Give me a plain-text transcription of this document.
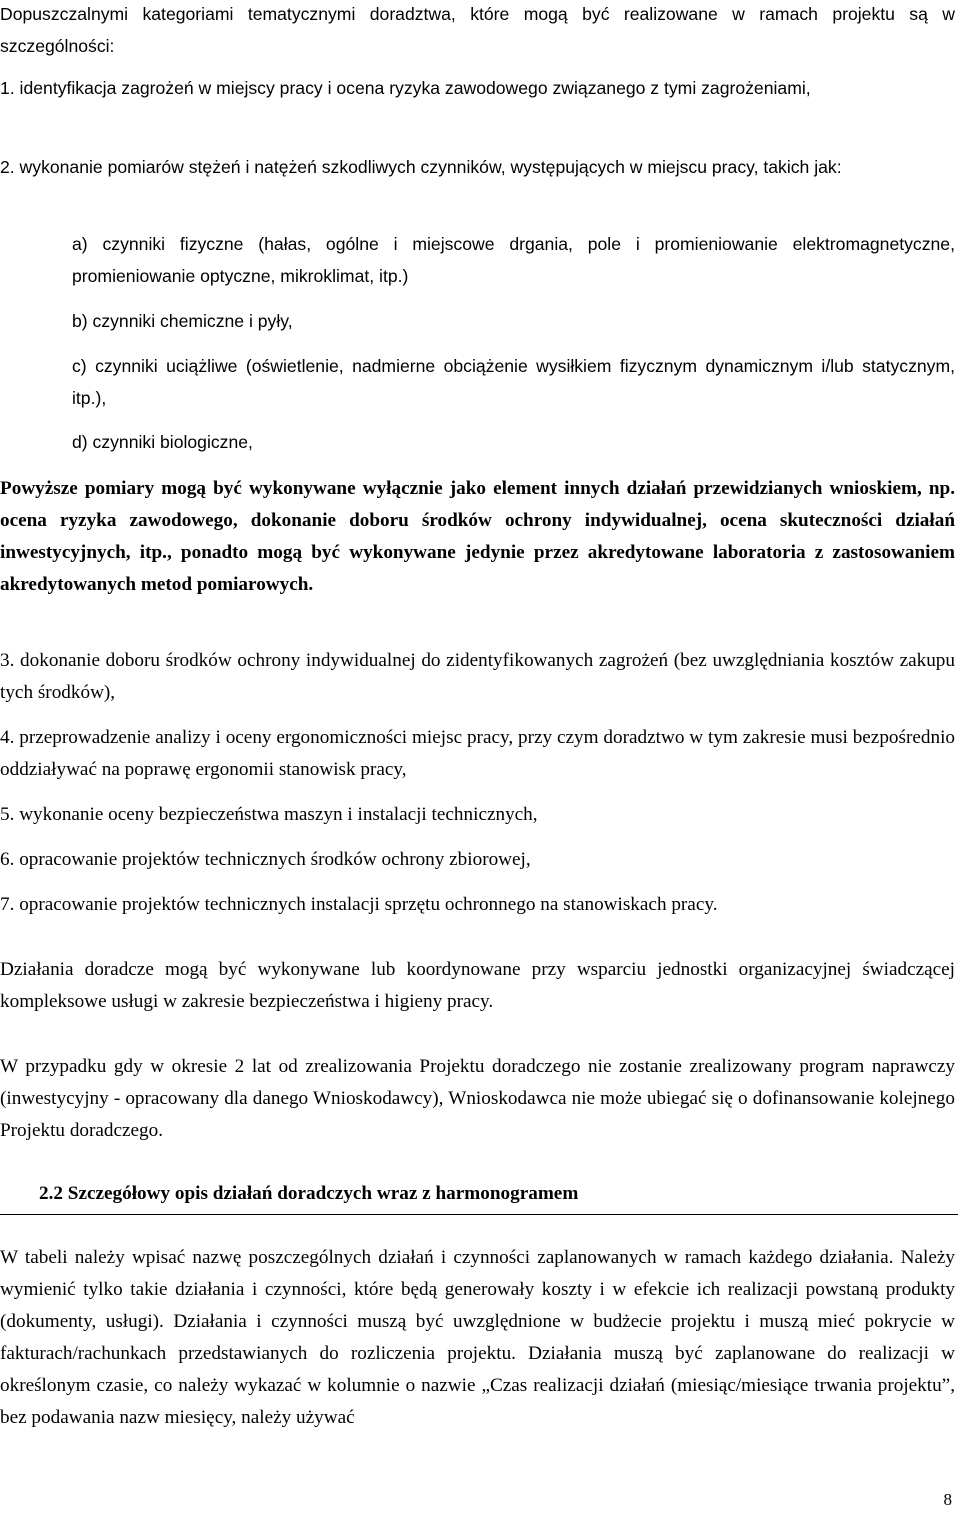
Dopuszczalnymi kategoriami tematycznymi doradztwa, które mogą być realizowane w ramach projektu są w szczególności:

1. identyfikacja zagrożeń w miejscy pracy i ocena ryzyka zawodowego związanego z tymi zagrożeniami,

2. wykonanie pomiarów stężeń i natężeń szkodliwych czynników, występujących w miejscu pracy, takich jak:

a) czynniki fizyczne (hałas, ogólne i miejscowe drgania, pole i promieniowanie elektromagnetyczne, promieniowanie optyczne, mikroklimat, itp.)

b) czynniki chemiczne i pyły,

c) czynniki uciążliwe (oświetlenie, nadmierne obciążenie wysiłkiem fizycznym dynamicznym i/lub statycznym, itp.),

d) czynniki biologiczne,

Powyższe pomiary mogą być wykonywane wyłącznie jako element innych działań przewidzianych wnioskiem, np. ocena ryzyka zawodowego, dokonanie doboru środków ochrony indywidualnej, ocena skuteczności działań inwestycyjnych, itp., ponadto mogą być wykonywane jedynie przez akredytowane laboratoria z zastosowaniem akredytowanych metod pomiarowych.

3. dokonanie doboru środków ochrony indywidualnej do zidentyfikowanych zagrożeń (bez uwzględniania kosztów zakupu tych środków),

4. przeprowadzenie analizy i oceny ergonomiczności miejsc pracy, przy czym doradztwo w tym zakresie musi bezpośrednio oddziaływać na poprawę ergonomii stanowisk pracy,

5. wykonanie oceny bezpieczeństwa maszyn i instalacji technicznych,

6. opracowanie projektów technicznych środków ochrony zbiorowej,

7. opracowanie projektów technicznych instalacji sprzętu ochronnego na stanowiskach pracy.

Działania doradcze mogą być wykonywane lub koordynowane przy wsparciu jednostki organizacyjnej świadczącej kompleksowe usługi w zakresie bezpieczeństwa i higieny pracy.

W przypadku gdy w okresie 2 lat od zrealizowania Projektu doradczego nie zostanie zrealizowany program naprawczy (inwestycyjny - opracowany dla danego Wnioskodawcy), Wnioskodawca nie może ubiegać się o dofinansowanie kolejnego Projektu doradczego.

2.2 Szczegółowy opis działań doradczych wraz z harmonogramem

W tabeli należy wpisać nazwę poszczególnych działań i czynności zaplanowanych w ramach każdego działania. Należy wymienić tylko takie działania i czynności, które będą generowały koszty i w efekcie ich realizacji powstaną produkty (dokumenty, usługi). Działania i czynności muszą być uwzględnione w budżecie projektu i muszą mieć pokrycie w fakturach/rachunkach przedstawianych do rozliczenia projektu. Działania muszą być zaplanowane do realizacji w określonym czasie, co należy wykazać w kolumnie o nazwie „Czas realizacji działań (miesiąc/miesiące trwania projektu”, bez podawania nazw miesięcy, należy używać

8
